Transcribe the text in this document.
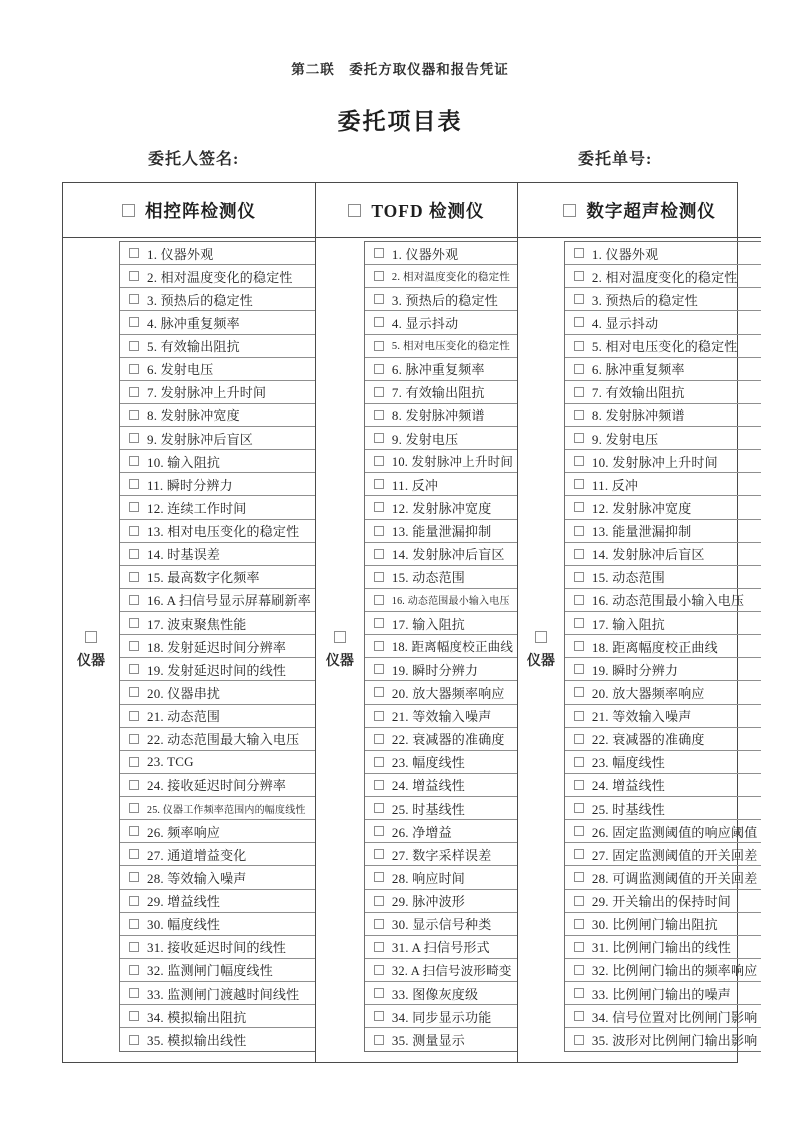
第二联　委托方取仪器和报告凭证
委托项目表
委托人签名:	委托单号:
相控阵检测仪
仪器
1. 仪器外观
2. 相对温度变化的稳定性
3. 预热后的稳定性
4. 脉冲重复频率
5. 有效输出阻抗
6. 发射电压
7. 发射脉冲上升时间
8. 发射脉冲宽度
9. 发射脉冲后盲区
10. 输入阻抗
11. 瞬时分辨力
12. 连续工作时间
13. 相对电压变化的稳定性
14. 时基误差
15. 最高数字化频率
16. A 扫信号显示屏幕刷新率
17. 波束聚焦性能
18. 发射延迟时间分辨率
19. 发射延迟时间的线性
20. 仪器串扰
21. 动态范围
22. 动态范围最大输入电压
23. TCG
24. 接收延迟时间分辨率
25. 仪器工作频率范围内的幅度线性
26. 频率响应
27. 通道增益变化
28. 等效输入噪声
29. 增益线性
30. 幅度线性
31. 接收延迟时间的线性
32. 监测闸门幅度线性
33. 监测闸门渡越时间线性
34. 模拟输出阻抗
35. 模拟输出线性
TOFD 检测仪
仪器
1. 仪器外观
2. 相对温度变化的稳定性
3. 预热后的稳定性
4. 显示抖动
5. 相对电压变化的稳定性
6. 脉冲重复频率
7. 有效输出阻抗
8. 发射脉冲频谱
9. 发射电压
10. 发射脉冲上升时间
11. 反冲
12. 发射脉冲宽度
13. 能量泄漏抑制
14. 发射脉冲后盲区
15. 动态范围
16. 动态范围最小输入电压
17. 输入阻抗
18. 距离幅度校正曲线
19. 瞬时分辨力
20. 放大器频率响应
21. 等效输入噪声
22. 衰减器的准确度
23. 幅度线性
24. 增益线性
25. 时基线性
26. 净增益
27. 数字采样误差
28. 响应时间
29. 脉冲波形
30. 显示信号种类
31. A 扫信号形式
32. A 扫信号波形畸变
33. 图像灰度级
34. 同步显示功能
35. 测量显示
数字超声检测仪
仪器
1. 仪器外观
2. 相对温度变化的稳定性
3. 预热后的稳定性
4. 显示抖动
5. 相对电压变化的稳定性
6. 脉冲重复频率
7. 有效输出阻抗
8. 发射脉冲频谱
9. 发射电压
10. 发射脉冲上升时间
11. 反冲
12. 发射脉冲宽度
13. 能量泄漏抑制
14. 发射脉冲后盲区
15. 动态范围
16. 动态范围最小输入电压
17. 输入阻抗
18. 距离幅度校正曲线
19. 瞬时分辨力
20. 放大器频率响应
21. 等效输入噪声
22. 衰减器的准确度
23. 幅度线性
24. 增益线性
25. 时基线性
26. 固定监测阈值的响应阈值
27. 固定监测阈值的开关回差
28. 可调监测阈值的开关回差
29. 开关输出的保持时间
30. 比例闸门输出阻抗
31. 比例闸门输出的线性
32. 比例闸门输出的频率响应
33. 比例闸门输出的噪声
34. 信号位置对比例闸门影响
35. 波形对比例闸门输出影响
